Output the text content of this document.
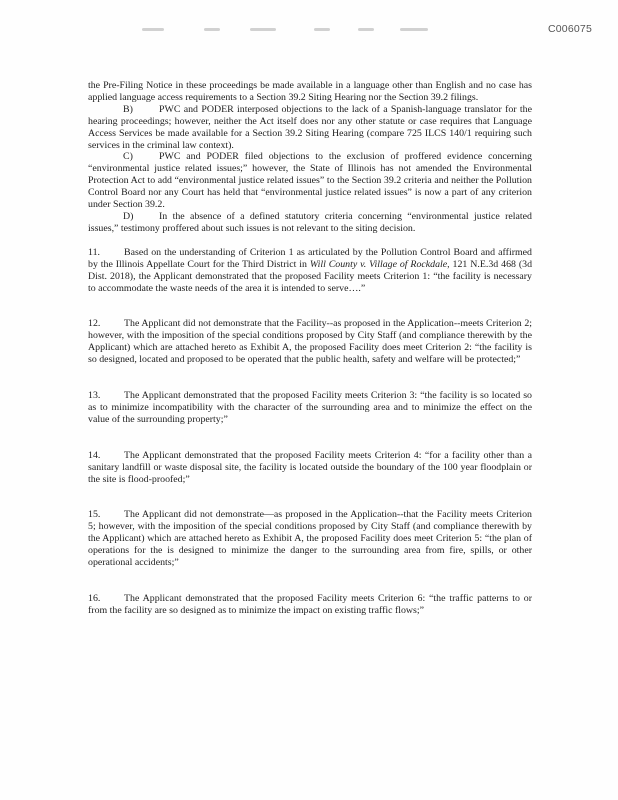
C006075

the Pre-Filing Notice in these proceedings be made available in a language other than English and no case has applied language access requirements to a Section 39.2 Siting Hearing nor the Section 39.2 filings.

B)	PWC and PODER interposed objections to the lack of a Spanish-language translator for the hearing proceedings; however, neither the Act itself does nor any other statute or case requires that Language Access Services be made available for a Section 39.2 Siting Hearing (compare 725 ILCS 140/1 requiring such services in the criminal law context).

C)	PWC and PODER filed objections to the exclusion of proffered evidence concerning “environmental justice related issues;” however, the State of Illinois has not amended the Environmental Protection Act to add “environmental justice related issues” to the Section 39.2 criteria and neither the Pollution Control Board nor any Court has held that “environmental justice related issues” is now a part of any criterion under Section 39.2.

D)	In the absence of a defined statutory criteria concerning “environmental justice related issues,” testimony proffered about such issues is not relevant to the siting decision.

11. Based on the understanding of Criterion 1 as articulated by the Pollution Control Board and affirmed by the Illinois Appellate Court for the Third District in Will County v. Village of Rockdale, 121 N.E.3d 468 (3d Dist. 2018), the Applicant demonstrated that the proposed Facility meets Criterion 1: “the facility is necessary to accommodate the waste needs of the area it is intended to serve….”

12. The Applicant did not demonstrate that the Facility--as proposed in the Application--meets Criterion 2; however, with the imposition of the special conditions proposed by City Staff (and compliance therewith by the Applicant) which are attached hereto as Exhibit A, the proposed Facility does meet Criterion 2: “the facility is so designed, located and proposed to be operated that the public health, safety and welfare will be protected;”

13. The Applicant demonstrated that the proposed Facility meets Criterion 3: “the facility is so located so as to minimize incompatibility with the character of the surrounding area and to minimize the effect on the value of the surrounding property;”

14. The Applicant demonstrated that the proposed Facility meets Criterion 4: “for a facility other than a sanitary landfill or waste disposal site, the facility is located outside the boundary of the 100 year floodplain or the site is flood-proofed;”

15. The Applicant did not demonstrate—as proposed in the Application--that the Facility meets Criterion 5; however, with the imposition of the special conditions proposed by City Staff (and compliance therewith by the Applicant) which are attached hereto as Exhibit A, the proposed Facility does meet Criterion 5: “the plan of operations for the is designed to minimize the danger to the surrounding area from fire, spills, or other operational accidents;”

16. The Applicant demonstrated that the proposed Facility meets Criterion 6: “the traffic patterns to or from the facility are so designed as to minimize the impact on existing traffic flows;”
